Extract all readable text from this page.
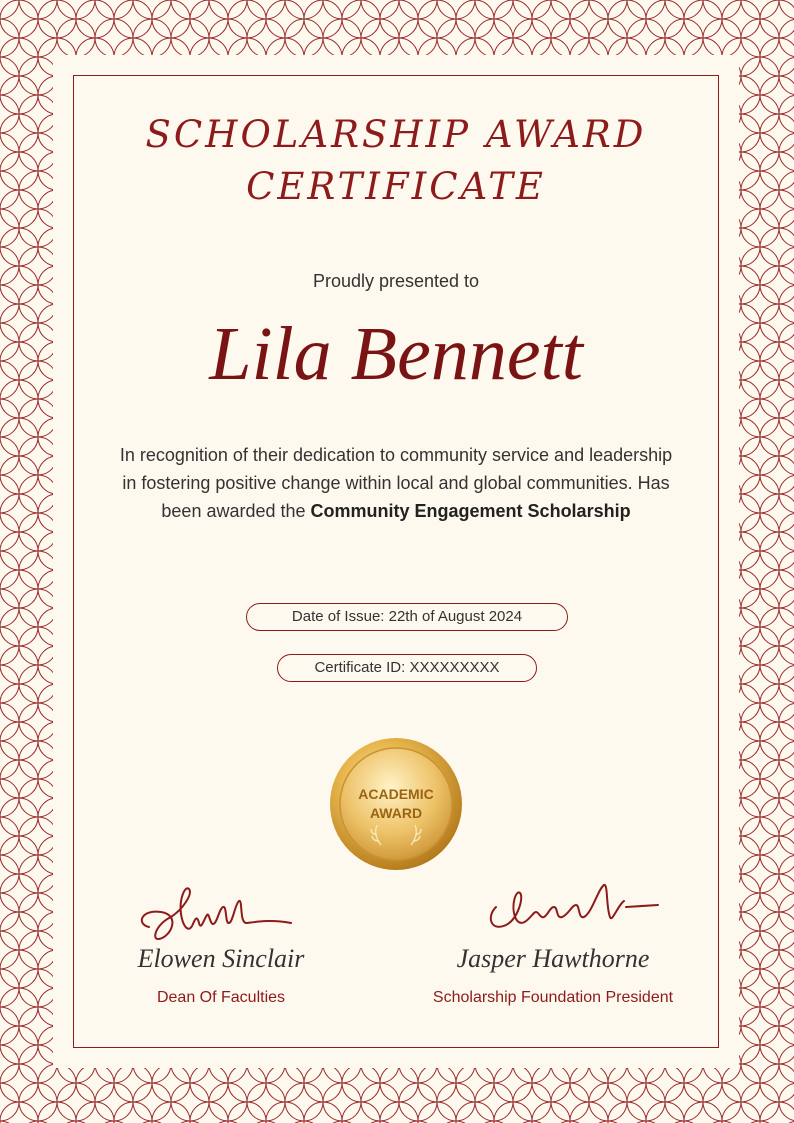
SCHOLARSHIP AWARD
CERTIFICATE
Proudly presented to
Lila Bennett
In recognition of their dedication to community service and leadership in fostering positive change within local and global communities. Has been awarded the Community Engagement Scholarship
Date of Issue: 22th of August 2024
Certificate ID: XXXXXXXXX
ACADEMIC
AWARD
Elowen Sinclair	Jasper Hawthorne
Dean Of Faculties	Scholarship Foundation President
